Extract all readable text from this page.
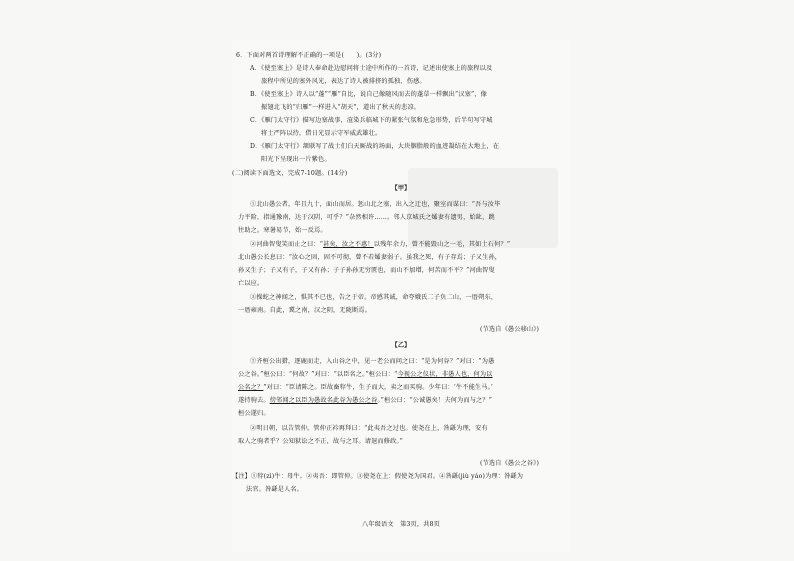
6．下面对两首诗理解不正确的一项是(　　)。(3分)
A．《使至塞上》是诗人奉命赴边慰问将士途中所作的一首诗，记述出使塞上的旅程以及
旅程中所见的塞外风光，表达了诗人被排挤的孤独、伤感。
B．《使至塞上》诗人以“蓬”“雁”自比，说自己像随风而去的蓬草一样飘出“汉塞”，像
振翅北飞的“归雁”一样进入“胡天”，道出了秋天的悲凉。
C．《雁门太守行》描写边塞战事，渲染兵临城下的紧张气氛和危急形势，后半句写守城
将士严阵以待，借日光显示守军威武雄壮。
D．《雁门太守行》颔联写了战士们白天厮战的场面，大块胭脂般的血迹凝结在大地上，在
阳光下呈现出一片紫色。
(二)阅读下面选文，完成7-10题。(14分)
【甲】
①北山愚公者，年且九十，面山而居。惩山北之塞，出入之迂也，聚室而谋曰：“吾与汝毕
力平险，指通豫南，达于汉阴，可乎？”杂然相许……。邻人京城氏之孀妻有遗男，始龀，跳
往助之。寒暑易节，始一反焉。
②河曲智叟笑而止之曰：“甚矣，汝之不惠！以残年余力，曾不能毁山之一毛，其如土石何？”
北山愚公长息曰：“汝心之固，固不可彻，曾不若孀妻弱子。虽我之死，有子存焉；子又生孙，
孙又生子；子又有子，子又有孙；子子孙孙无穷匮也，而山不加增，何苦而不平？”河曲智叟
亡以应。
③操蛇之神闻之，惧其不已也，告之于帝。帝感其诚，命夸娥氏二子负二山，一厝朔东，
一厝雍南。自此，冀之南，汉之阴，无陇断焉。
(节选自《愚公移山》)
【乙】
①齐桓公出猎，逐鹿而走，入山谷之中，见一老公而问之曰：“是为何谷？”对曰：“为愚
公之谷。”桓公曰：“何故？”对曰：“以臣名之。”桓公曰：“今视公之仪状，非愚人也，何为以
公名之？”对曰：“臣请陈之。臣故畜牸牛，生子而大，卖之而买驹。少年曰：‘牛不能生马。’
遂持驹去。傍邻闻之以臣为愚故名此谷为愚公之谷。”桓公曰：“公诚愚矣！夫何为而与之？”
桓公遂归。
②明日朝，以告管仲。管仲正衿再拜曰：“此夷吾之过也。使尧在上，咎繇为理，安有
取人之驹者乎？公知狱讼之不正，故与之耳。请退而修政。”
(节选自《愚公之谷》)
【注】①牸(zì)牛：母牛。②夷吾：即管仲。③使尧在上：假使尧为国君。④咎繇(jiù yáo)为理：咎繇为
法官。咎繇是人名。
八年级语文　第3页，共8页
